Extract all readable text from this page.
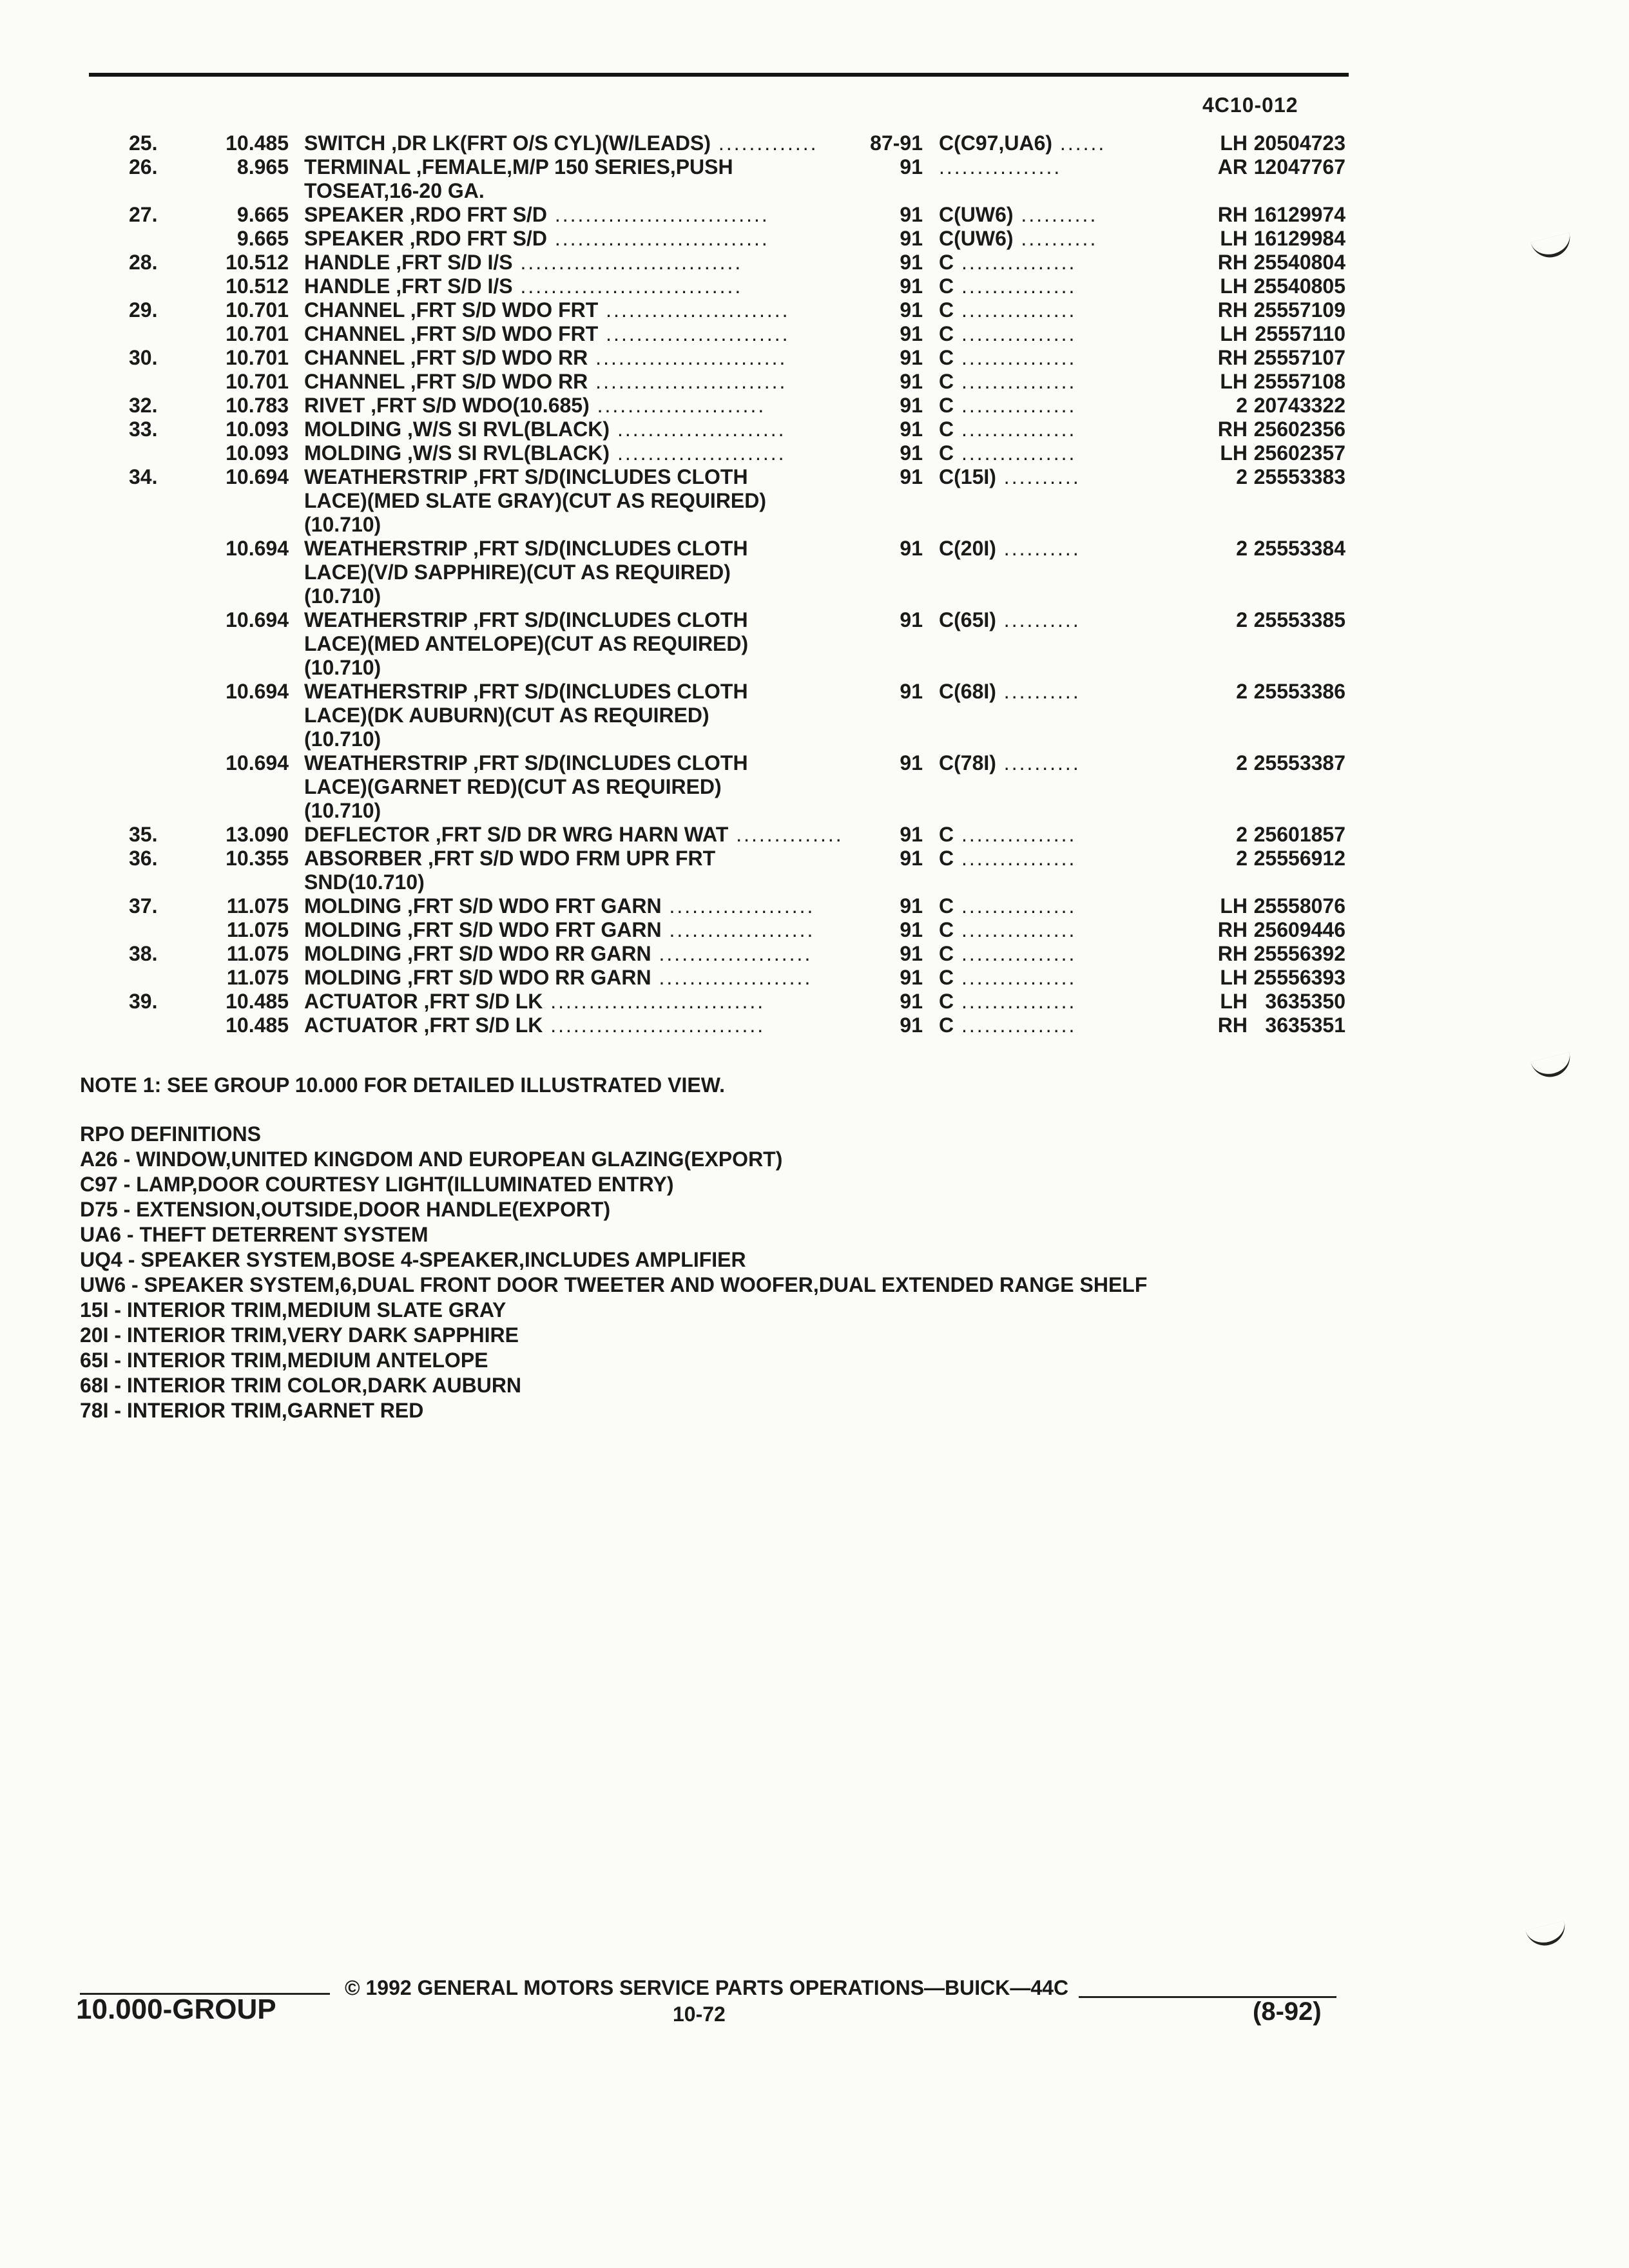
4C10-012
25.	10.485 SWITCH ,DR LK(FRT O/S CYL)(W/LEADS) .............	87-91 C(C97,UA6) ......	LH 20504723
26.	8.965 TERMINAL ,FEMALE,M/P 150 SERIES,PUSH
TOSEAT,16-20 GA.
91 ................	AR 12047767
27.	9.665 SPEAKER ,RDO FRT S/D ............................	91 C(UW6) ..........	RH 16129974
9.665 SPEAKER ,RDO FRT S/D ............................	91 C(UW6) ..........	LH 16129984
28.	10.512 HANDLE ,FRT S/D I/S .............................	91 C ...............	RH 25540804
10.512 HANDLE ,FRT S/D I/S .............................	91 C ...............	LH 25540805
29.	10.701 CHANNEL ,FRT S/D WDO FRT ........................	91 C ...............	RH 25557109
10.701 CHANNEL ,FRT S/D WDO FRT ........................	91 C ...............	LH 25557110
30.	10.701 CHANNEL ,FRT S/D WDO RR .........................	91 C ...............	RH 25557107
10.701 CHANNEL ,FRT S/D WDO RR .........................	91 C ...............	LH 25557108
32.	10.783 RIVET ,FRT S/D WDO(10.685) ......................	91 C ...............	2 20743322
33.	10.093 MOLDING ,W/S SI RVL(BLACK) ......................	91 C ...............	RH 25602356
10.093 MOLDING ,W/S SI RVL(BLACK) ......................	91 C ...............	LH 25602357
34.	10.694 WEATHERSTRIP ,FRT S/D(INCLUDES CLOTH
LACE)(MED SLATE GRAY)(CUT AS REQUIRED)
(10.710)
91 C(15I) ..........	2 25553383
10.694 WEATHERSTRIP ,FRT S/D(INCLUDES CLOTH
LACE)(V/D SAPPHIRE)(CUT AS REQUIRED)
(10.710)
91 C(20I) ..........	2 25553384
10.694 WEATHERSTRIP ,FRT S/D(INCLUDES CLOTH
LACE)(MED ANTELOPE)(CUT AS REQUIRED)
(10.710)
91 C(65I) ..........	2 25553385
10.694 WEATHERSTRIP ,FRT S/D(INCLUDES CLOTH
LACE)(DK AUBURN)(CUT AS REQUIRED)
(10.710)
91 C(68I) ..........	2 25553386
10.694 WEATHERSTRIP ,FRT S/D(INCLUDES CLOTH
LACE)(GARNET RED)(CUT AS REQUIRED)
(10.710)
91 C(78I) ..........	2 25553387
35.	13.090 DEFLECTOR ,FRT S/D DR WRG HARN WAT ..............	91 C ...............	2 25601857
36.	10.355 ABSORBER ,FRT S/D WDO FRM UPR FRT
SND(10.710)
91 C ...............	2 25556912
37.	11.075 MOLDING ,FRT S/D WDO FRT GARN ...................	91 C ...............	LH 25558076
11.075 MOLDING ,FRT S/D WDO FRT GARN ...................	91 C ...............	RH 25609446
38.	11.075 MOLDING ,FRT S/D WDO RR GARN ....................	91 C ...............	RH 25556392
11.075 MOLDING ,FRT S/D WDO RR GARN ....................	91 C ...............	LH 25556393
39.	10.485 ACTUATOR ,FRT S/D LK ............................	91 C ...............	LH 3635350
10.485 ACTUATOR ,FRT S/D LK ............................	91 C ...............	RH 3635351
NOTE 1: SEE GROUP 10.000 FOR DETAILED ILLUSTRATED VIEW.
RPO DEFINITIONS
A26 - WINDOW,UNITED KINGDOM AND EUROPEAN GLAZING(EXPORT)
C97 - LAMP,DOOR COURTESY LIGHT(ILLUMINATED ENTRY)
D75 - EXTENSION,OUTSIDE,DOOR HANDLE(EXPORT)
UA6 - THEFT DETERRENT SYSTEM
UQ4 - SPEAKER SYSTEM,BOSE 4-SPEAKER,INCLUDES AMPLIFIER
UW6 - SPEAKER SYSTEM,6,DUAL FRONT DOOR TWEETER AND WOOFER,DUAL EXTENDED RANGE SHELF
15I - INTERIOR TRIM,MEDIUM SLATE GRAY
20I - INTERIOR TRIM,VERY DARK SAPPHIRE
65I - INTERIOR TRIM,MEDIUM ANTELOPE
68I - INTERIOR TRIM COLOR,DARK AUBURN
78I - INTERIOR TRIM,GARNET RED
© 1992 GENERAL MOTORS SERVICE PARTS OPERATIONS—BUICK—44C
10.000-GROUP	10-72	(8-92)
